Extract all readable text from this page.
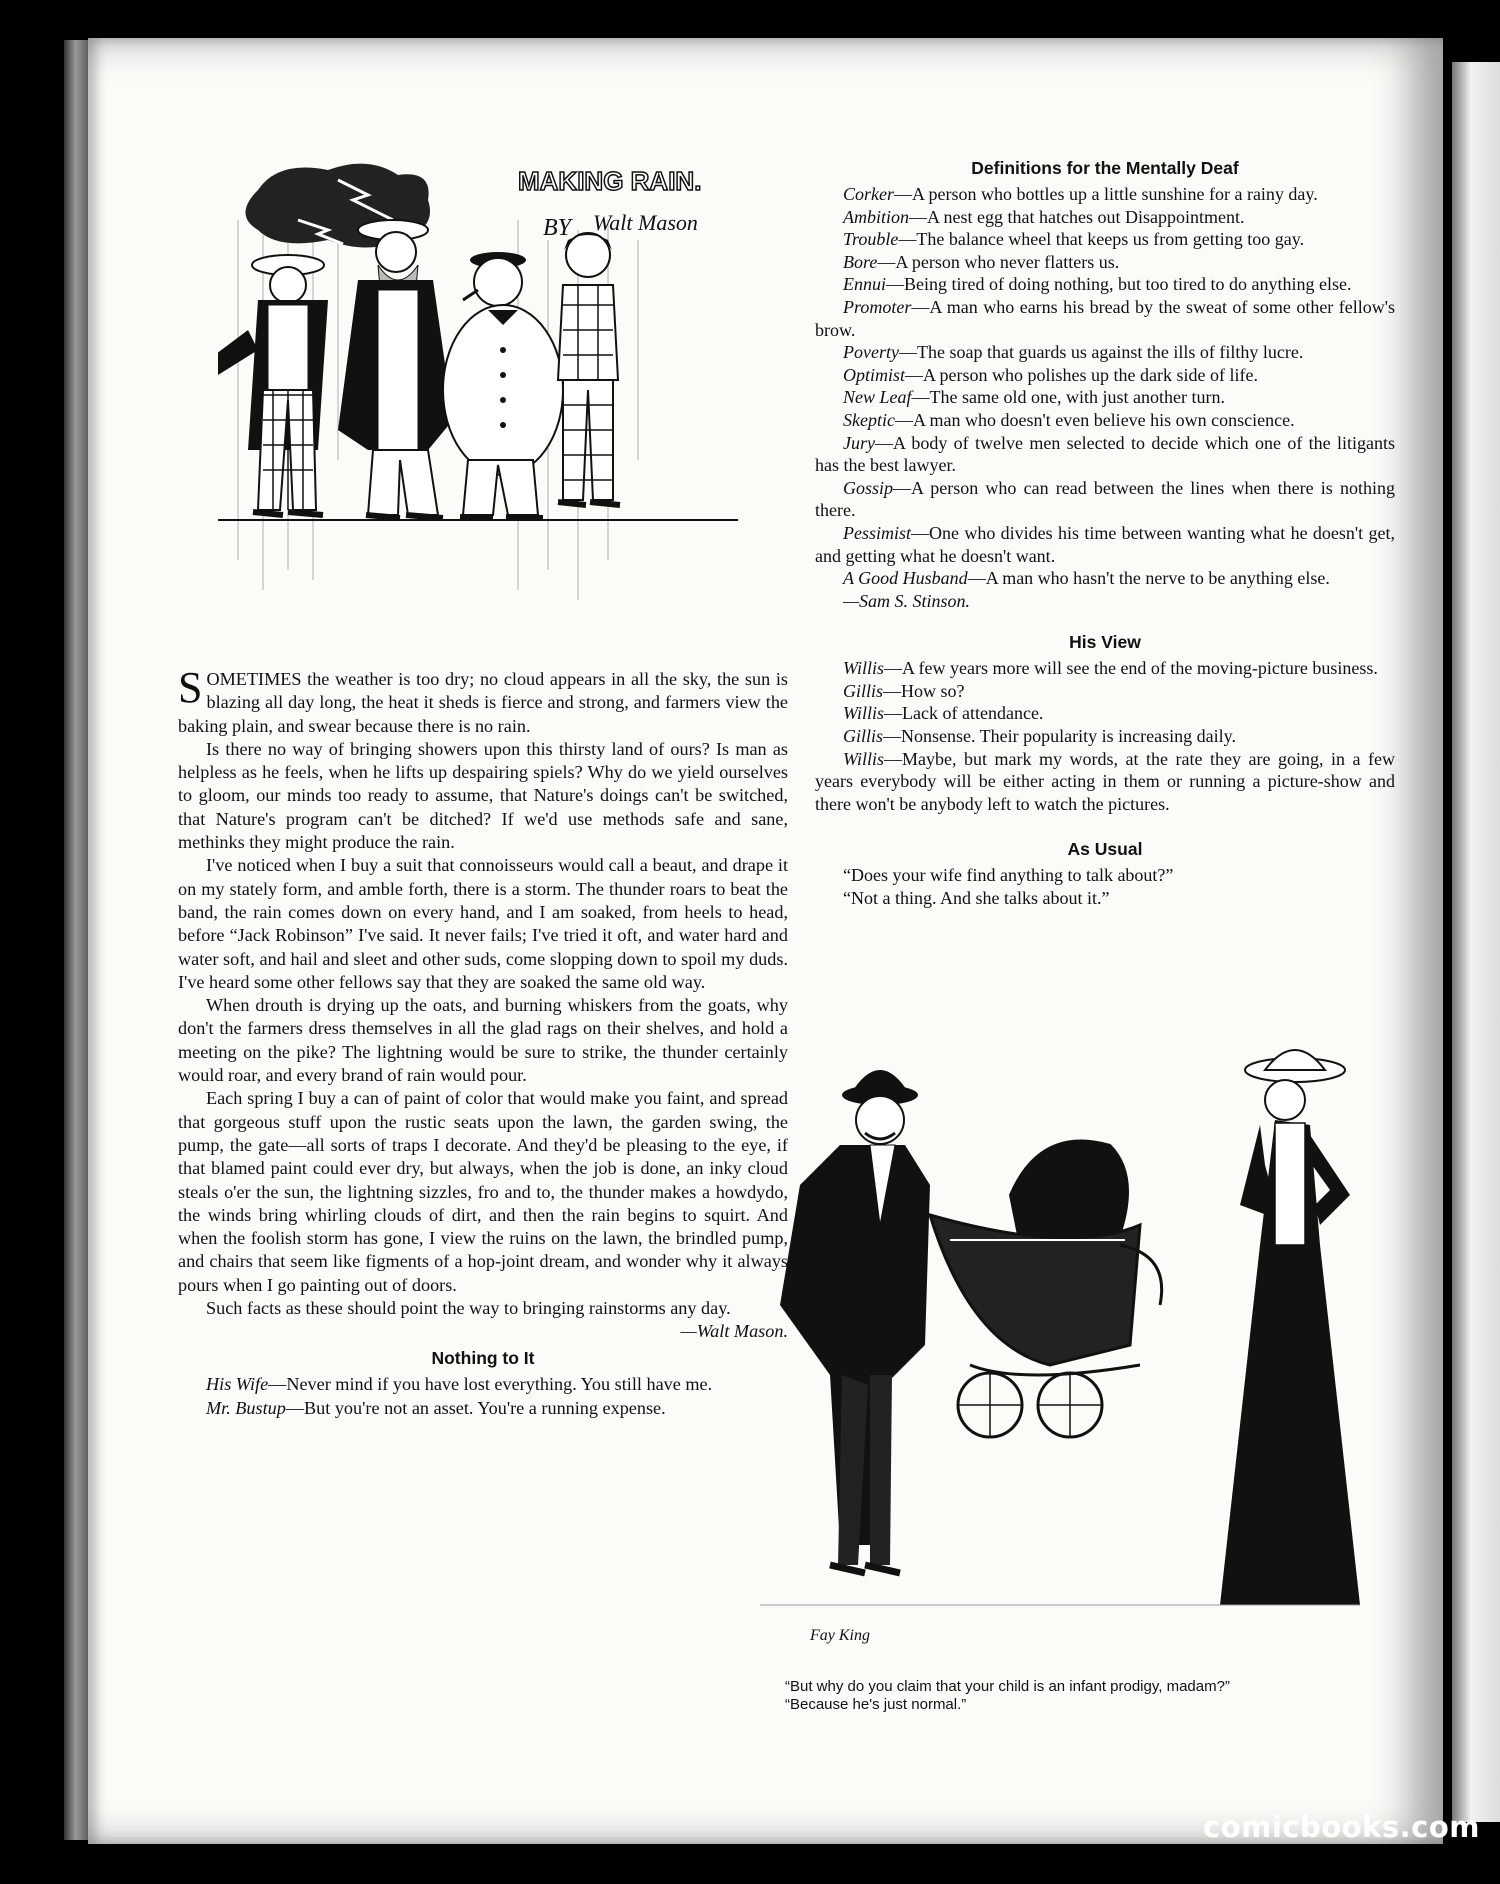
MAKING RAIN.
BY Walt Mason

SOMETIMES the weather is too dry; no cloud appears in all the sky, the sun is blazing all day long, the heat it sheds is fierce and strong, and farmers view the baking plain, and swear because there is no rain.

Is there no way of bringing showers upon this thirsty land of ours? Is man as helpless as he feels, when he lifts up despairing spiels? Why do we yield ourselves to gloom, our minds too ready to assume, that Nature's doings can't be switched, that Nature's program can't be ditched? If we'd use methods safe and sane, methinks they might produce the rain.

I've noticed when I buy a suit that connoisseurs would call a beaut, and drape it on my stately form, and amble forth, there is a storm. The thunder roars to beat the band, the rain comes down on every hand, and I am soaked, from heels to head, before “Jack Robinson” I've said. It never fails; I've tried it oft, and water hard and water soft, and hail and sleet and other suds, come slopping down to spoil my duds. I've heard some other fellows say that they are soaked the same old way.

When drouth is drying up the oats, and burning whiskers from the goats, why don't the farmers dress themselves in all the glad rags on their shelves, and hold a meeting on the pike? The lightning would be sure to strike, the thunder certainly would roar, and every brand of rain would pour.

Each spring I buy a can of paint of color that would make you faint, and spread that gorgeous stuff upon the rustic seats upon the lawn, the garden swing, the pump, the gate—all sorts of traps I decorate. And they'd be pleasing to the eye, if that blamed paint could ever dry, but always, when the job is done, an inky cloud steals o'er the sun, the lightning sizzles, fro and to, the thunder makes a howdydo, the winds bring whirling clouds of dirt, and then the rain begins to squirt. And when the foolish storm has gone, I view the ruins on the lawn, the brindled pump, and chairs that seem like figments of a hop-joint dream, and wonder why it always pours when I go painting out of doors.

Such facts as these should point the way to bringing rainstorms any day.
—Walt Mason.

Nothing to It

His Wife—Never mind if you have lost everything. You still have me.

Mr. Bustup—But you're not an asset. You're a running expense.

Definitions for the Mentally Deaf

Corker—A person who bottles up a little sunshine for a rainy day.

Ambition—A nest egg that hatches out Disappointment.

Trouble—The balance wheel that keeps us from getting too gay.

Bore—A person who never flatters us.

Ennui—Being tired of doing nothing, but too tired to do anything else.

Promoter—A man who earns his bread by the sweat of some other fellow's brow.

Poverty—The soap that guards us against the ills of filthy lucre.

Optimist—A person who polishes up the dark side of life.

New Leaf—The same old one, with just another turn.

Skeptic—A man who doesn't even believe his own conscience.

Jury—A body of twelve men selected to decide which one of the litigants has the best lawyer.

Gossip—A person who can read between the lines when there is nothing there.

Pessimist—One who divides his time between wanting what he doesn't get, and getting what he doesn't want.

A Good Husband—A man who hasn't the nerve to be anything else.

—Sam S. Stinson.

His View

Willis—A few years more will see the end of the moving-picture business.

Gillis—How so?

Willis—Lack of attendance.

Gillis—Nonsense. Their popularity is increasing daily.

Willis—Maybe, but mark my words, at the rate they are going, in a few years everybody will be either acting in them or running a picture-show and there won't be anybody left to watch the pictures.

As Usual

“Does your wife find anything to talk about?”

“Not a thing. And she talks about it.”

Fay King

“But why do you claim that your child is an infant prodigy, madam?”

“Because he's just normal.”

comicbooks.com
